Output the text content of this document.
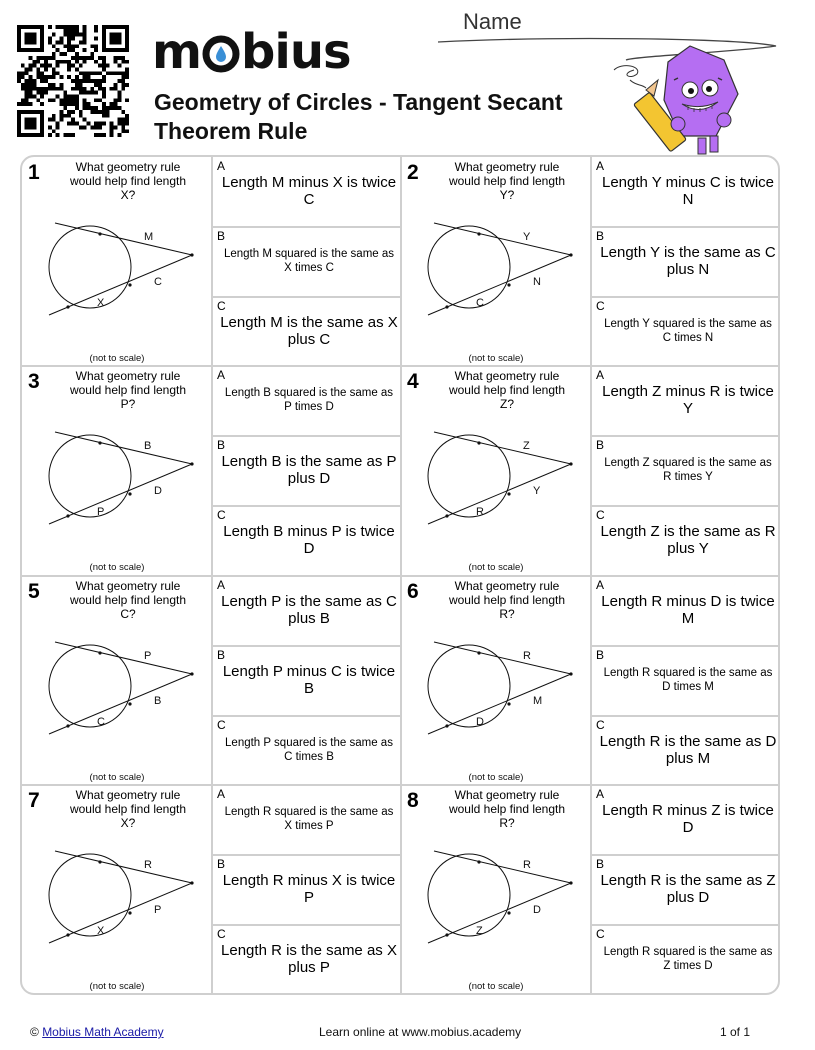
m bius
Geometry of Circles - Tangent Secant
Theorem Rule
Name
1	What geometry rule would help find length X?
M
C
X
(not to scale)
A
Length M minus X is twice C
B
Length M squared is the same as X times C
C
Length M is the same as X plus C
2	What geometry rule would help find length Y?
Y
N
C
(not to scale)
A
Length Y minus C is twice N
B
Length Y is the same as C plus N
C
Length Y squared is the same as C times N
3	What geometry rule would help find length P?
B
D
P
(not to scale)
A
Length B squared is the same as P times D
B
Length B is the same as P plus D
C
Length B minus P is twice D
4	What geometry rule would help find length Z?
Z
Y
R
(not to scale)
A
Length Z minus R is twice Y
B
Length Z squared is the same as R times Y
C
Length Z is the same as R plus Y
5	What geometry rule would help find length C?
P
B
C
(not to scale)
A
Length P is the same as C plus B
B
Length P minus C is twice B
C
Length P squared is the same as C times B
6	What geometry rule would help find length R?
R
M
D
(not to scale)
A
Length R minus D is twice M
B
Length R squared is the same as D times M
C
Length R is the same as D plus M
7	What geometry rule would help find length X?
R
P
X
(not to scale)
A
Length R squared is the same as X times P
B
Length R minus X is twice P
C
Length R is the same as X plus P
8	What geometry rule would help find length R?
R
D
Z
(not to scale)
A
Length R minus Z is twice D
B
Length R is the same as Z plus D
C
Length R squared is the same as Z times D
© Mobius Math Academy	Learn online at www.mobius.academy	1 of 1
